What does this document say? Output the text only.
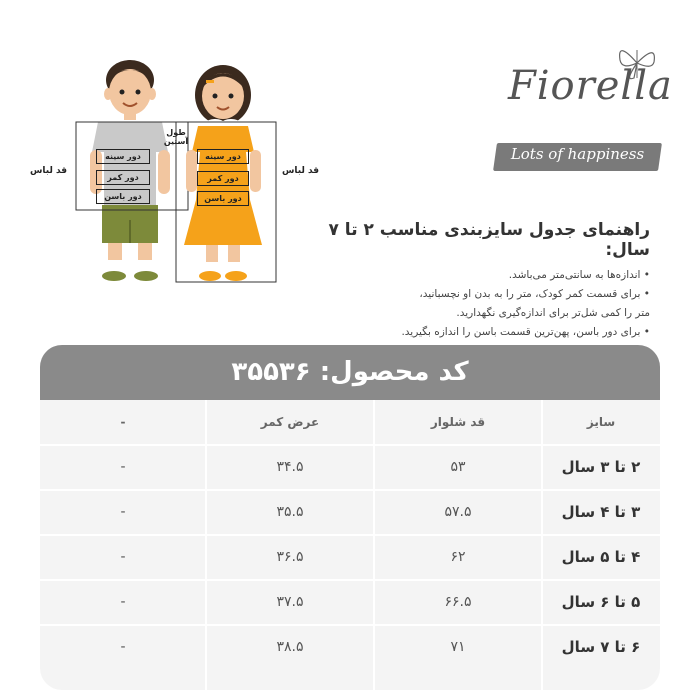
دور سینه
دور کمر
دور باسن
طول آستین
قد لباس
دور سینه
دور کمر
دور باسن
قد لباس
Fiorella
Lots of happiness
راهنمای جدول سایزبندی مناسب ۲ تا ۷ سال:

• اندازه‌ها به سانتی‌متر می‌باشد.

• برای قسمت کمر کودک، متر را به بدن او نچسبانید،

متر را کمی شل‌تر برای اندازه‌گیری نگهدارید.

• برای دور باسن، پهن‌ترین قسمت باسن را اندازه بگیرید.

کد محصول: ۳۵۵۳۶
سایز
قد شلوار
عرض کمر
-
۲ تا ۳ سال
۵۳
۳۴.۵
-
۳ تا ۴ سال
۵۷.۵
۳۵.۵
-
۴ تا ۵ سال
۶۲
۳۶.۵
-
۵ تا ۶ سال
۶۶.۵
۳۷.۵
-
۶ تا ۷ سال
۷۱
۳۸.۵
-
